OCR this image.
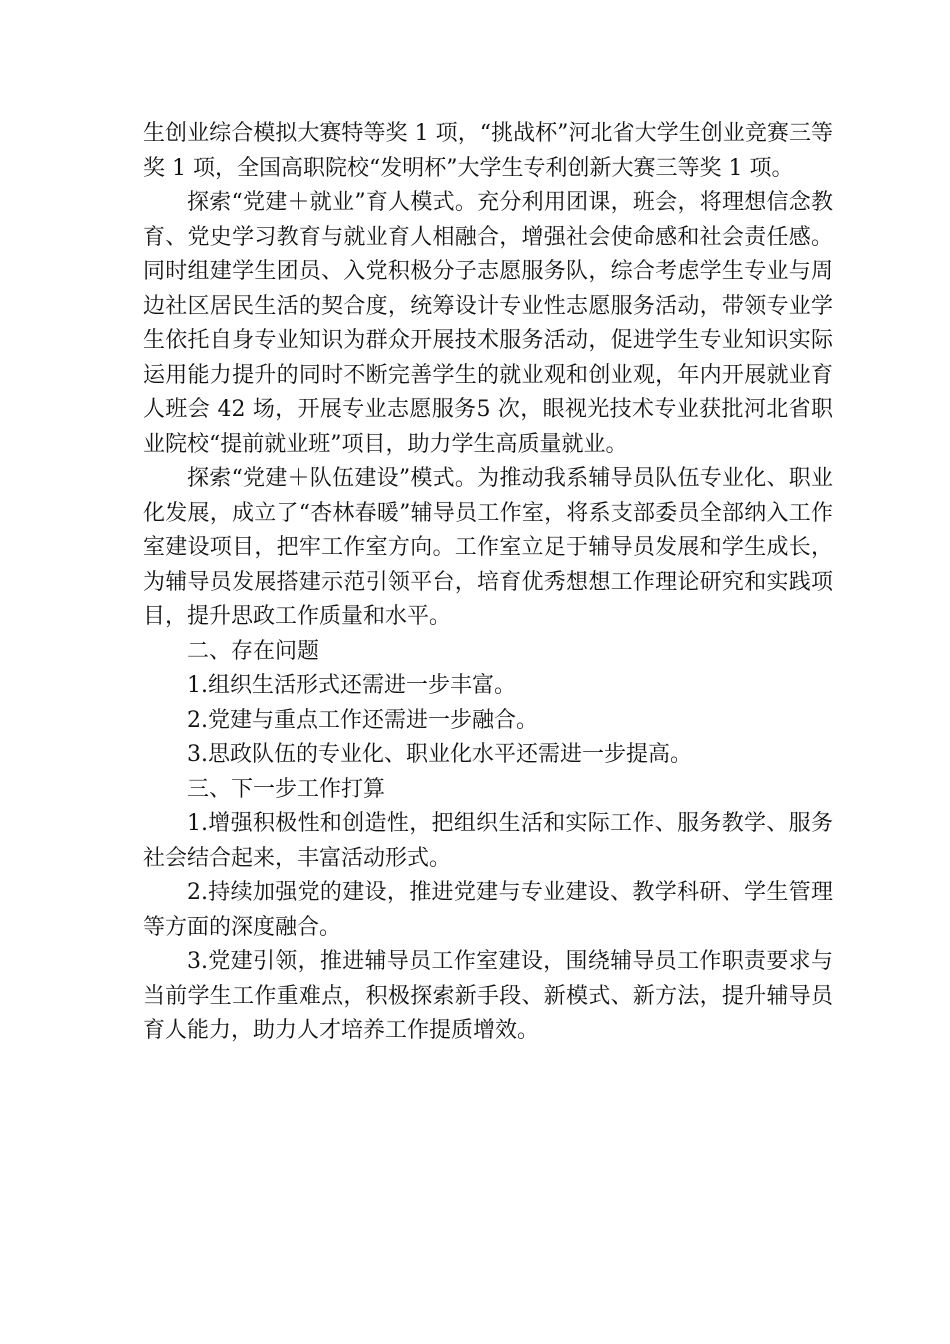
生创业综合模拟大赛特等奖 1 项，“挑战杯”河北省大学生创业竞赛三等奖 1 项，全国高职院校“发明杯”大学生专利创新大赛三等奖 1 项。

探索“党建＋就业”育人模式。充分利用团课，班会，将理想信念教育、党史学习教育与就业育人相融合，增强社会使命感和社会责任感。同时组建学生团员、入党积极分子志愿服务队，综合考虑学生专业与周边社区居民生活的契合度，统筹设计专业性志愿服务活动，带领专业学生依托自身专业知识为群众开展技术服务活动，促进学生专业知识实际运用能力提升的同时不断完善学生的就业观和创业观，年内开展就业育人班会 42 场，开展专业志愿服务5 次，眼视光技术专业获批河北省职业院校“提前就业班”项目，助力学生高质量就业。

探索“党建＋队伍建设”模式。为推动我系辅导员队伍专业化、职业化发展，成立了“杏林春暖”辅导员工作室，将系支部委员全部纳入工作室建设项目，把牢工作室方向。工作室立足于辅导员发展和学生成长，为辅导员发展搭建示范引领平台，培育优秀想想工作理论研究和实践项目，提升思政工作质量和水平。

二、存在问题

1.组织生活形式还需进一步丰富。

2.党建与重点工作还需进一步融合。

3.思政队伍的专业化、职业化水平还需进一步提高。

三、下一步工作打算

1.增强积极性和创造性，把组织生活和实际工作、服务教学、服务社会结合起来，丰富活动形式。

2.持续加强党的建设，推进党建与专业建设、教学科研、学生管理等方面的深度融合。

3.党建引领，推进辅导员工作室建设，围绕辅导员工作职责要求与当前学生工作重难点，积极探索新手段、新模式、新方法，提升辅导员育人能力，助力人才培养工作提质增效。
